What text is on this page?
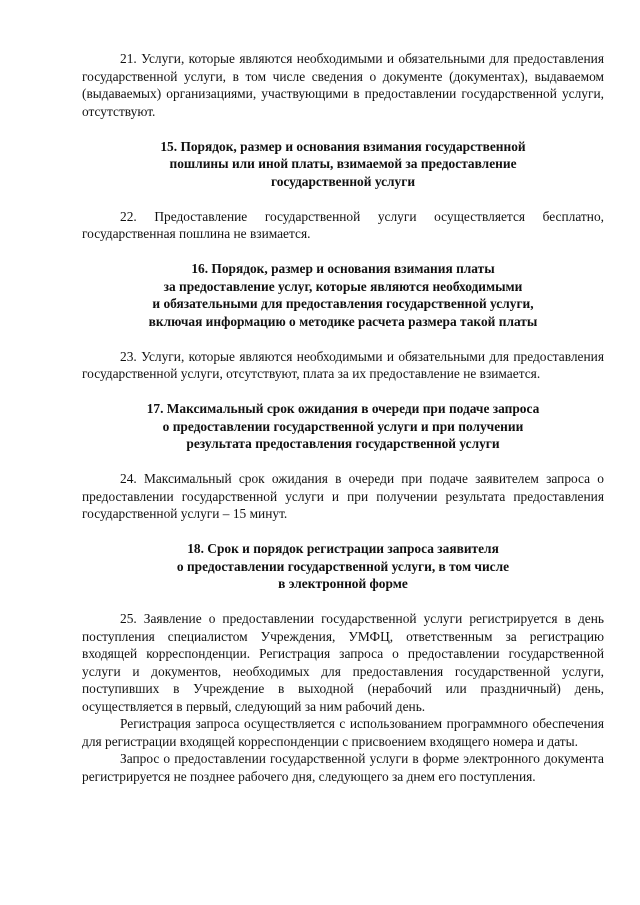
21. Услуги, которые являются необходимыми и обязательными для предоставления государственной услуги, в том числе сведения о документе (документах), выдаваемом (выдаваемых) организациями, участвующими в предоставлении государственной услуги, отсутствуют.

15. Порядок, размер и основания взимания государственной
пошлины или иной платы, взимаемой за предоставление
государственной услуги

22. Предоставление государственной услуги осуществляется бесплатно, государственная пошлина не взимается.

16. Порядок, размер и основания взимания платы
за предоставление услуг, которые являются необходимыми
и обязательными для предоставления государственной услуги,
включая информацию о методике расчета размера такой платы

23. Услуги, которые являются необходимыми и обязательными для предоставления государственной услуги, отсутствуют, плата за их предоставление не взимается.

17. Максимальный срок ожидания в очереди при подаче запроса
о предоставлении государственной услуги и при получении
результата предоставления государственной услуги

24. Максимальный срок ожидания в очереди при подаче заявителем запроса о предоставлении государственной услуги и при получении результата предоставления государственной услуги – 15 минут.

18. Срок и порядок регистрации запроса заявителя
о предоставлении государственной услуги, в том числе
в электронной форме

25. Заявление о предоставлении государственной услуги регистрируется в день поступления специалистом Учреждения, УМФЦ, ответственным за регистрацию входящей корреспонденции. Регистрация запроса о предоставлении государственной услуги и документов, необходимых для предоставления государственной услуги, поступивших в Учреждение в выходной (нерабочий или праздничный) день, осуществляется в первый, следующий за ним рабочий день.

Регистрация запроса осуществляется с использованием программного обеспечения для регистрации входящей корреспонденции с присвоением входящего номера и даты.

Запрос о предоставлении государственной услуги в форме электронного документа регистрируется не позднее рабочего дня, следующего за днем его поступления.
